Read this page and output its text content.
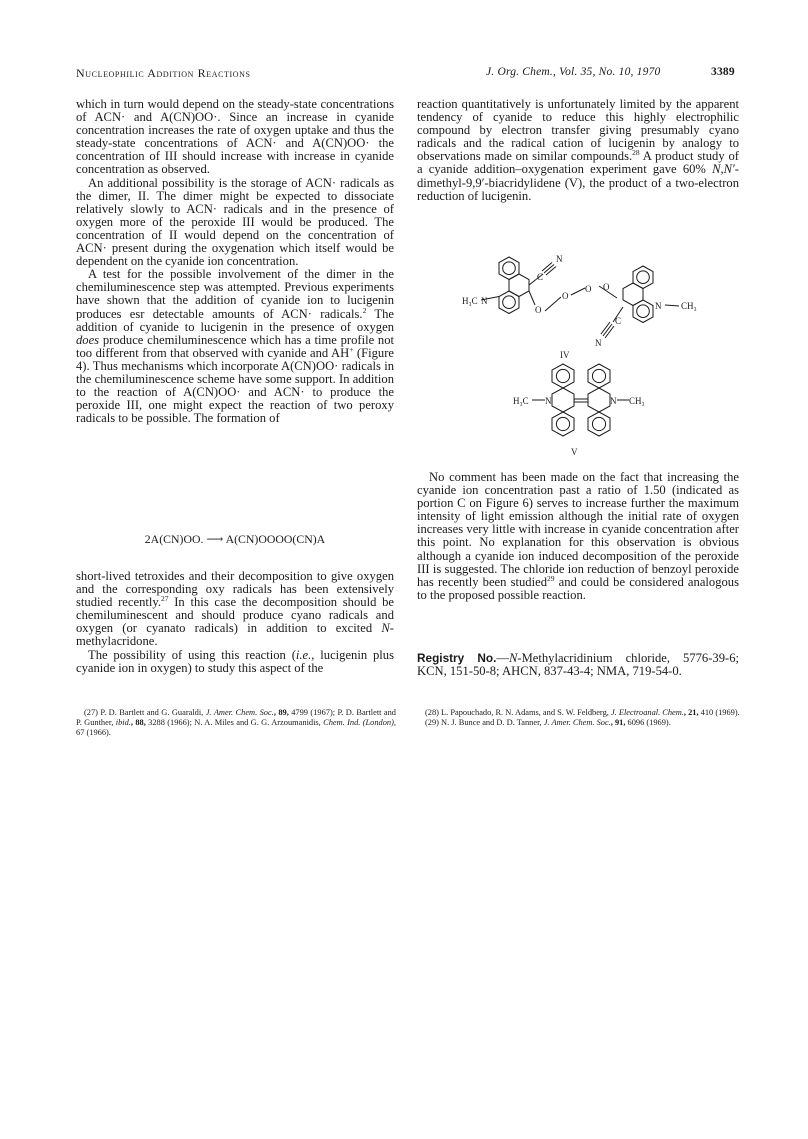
Nucleophilic Addition Reactions	J. Org. Chem., Vol. 35, No. 10, 1970	3389

which in turn would depend on the steady-state concentrations of ACN· and A(CN)OO·. Since an increase in cyanide concentration increases the rate of oxygen uptake and thus the steady-state concentrations of ACN· and A(CN)OO· the concentration of III should increase with increase in cyanide concentration as observed.

An additional possibility is the storage of ACN· radicals as the dimer, II. The dimer might be expected to dissociate relatively slowly to ACN· radicals and in the presence of oxygen more of the peroxide III would be produced. The concentration of II would depend on the concentration of ACN· present during the oxygenation which itself would be dependent on the cyanide ion concentration.

A test for the possible involvement of the dimer in the chemiluminescence step was attempted. Previous experiments have shown that the addition of cyanide ion to lucigenin produces esr detectable amounts of ACN· radicals.$^2$ The addition of cyanide to lucigenin in the presence of oxygen does produce chemiluminescence which has a time profile not too different from that observed with cyanide and AH+ (Figure 4). Thus mechanisms which incorporate A(CN)OO· radicals in the chemiluminescence scheme have some support. In addition to the reaction of A(CN)OO· and ACN· to produce the peroxide III, one might expect the reaction of two peroxy radicals to be possible. The formation of

2A(CN)OO. ⟶ A(CN)OOOO(CN)A

short-lived tetroxides and their decomposition to give oxygen and the corresponding oxy radicals has been extensively studied recently.$^{27}$ In this case the decomposition should be chemiluminescent and should produce cyano radicals and oxygen (or cyanato radicals) in addition to excited N-methylacridone.

The possibility of using this reaction (i.e., lucigenin plus cyanide ion in oxygen) to study this aspect of the

reaction quantitatively is unfortunately limited by the apparent tendency of cyanide to reduce this highly electrophilic compound by electron transfer giving presumably cyano radicals and the radical cation of lucigenin by analogy to observations made on similar compounds.$^{28}$ A product study of a cyanide addition–oxygenation experiment gave 60% N,N′-dimethyl-9,9′-biacridylidene (V), the product of a two-electron reduction of lucigenin.

H₃C N
N
C
O
O
O O
N CH₃
C
N
IV
H₃C N	N CH₃
V

No comment has been made on the fact that increasing the cyanide ion concentration past a ratio of 1.50 (indicated as portion C on Figure 6) serves to increase further the maximum intensity of light emission although the initial rate of oxygen increases very little with increase in cyanide concentration after this point. No explanation for this observation is obvious although a cyanide ion induced decomposition of the peroxide III is suggested. The chloride ion reduction of benzoyl peroxide has recently been studied$^{29}$ and could be considered analogous to the proposed possible reaction.

Registry No.—N-Methylacridinium chloride, 5776-39-6; KCN, 151-50-8; AHCN, 837-43-4; NMA, 719-54-0.

(27) P. D. Bartlett and G. Guaraldi, J. Amer. Chem. Soc., 89, 4799 (1967); P. D. Bartlett and P. Gunther, ibid., 88, 3288 (1966); N. A. Miles and G. G. Arzoumanidis, Chem. Ind. (London), 67 (1966).

(28) L. Papouchado, R. N. Adams, and S. W. Feldberg, J. Electroanal. Chem., 21, 410 (1969).

(29) N. J. Bunce and D. D. Tanner, J. Amer. Chem. Soc., 91, 6096 (1969).
